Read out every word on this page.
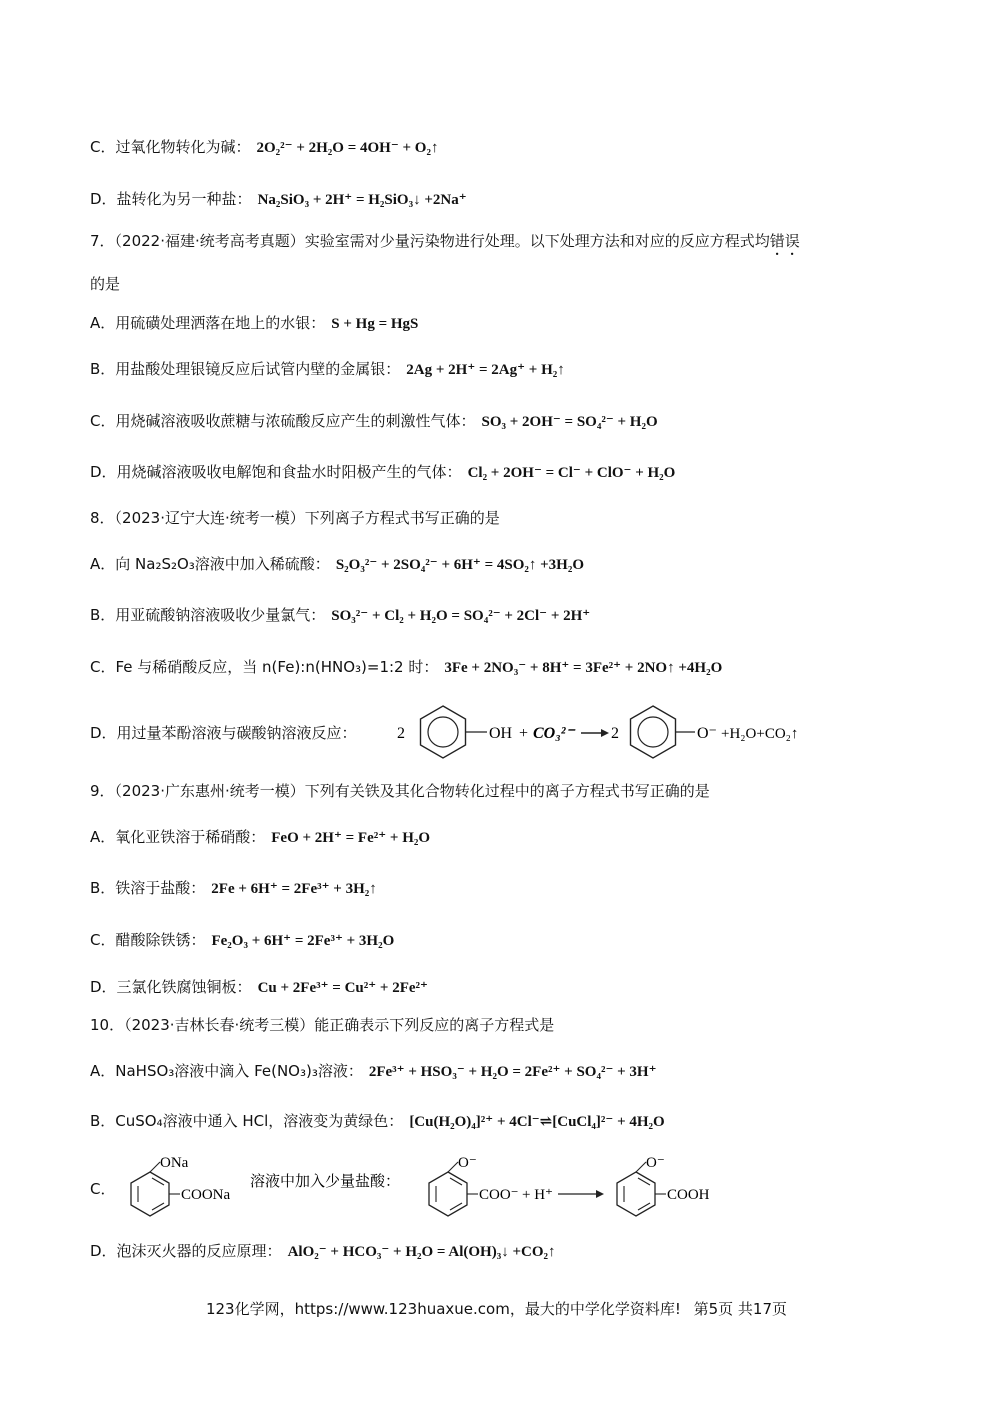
C．过氧化物转化为碱： 2O₂²⁻ + 2H₂O = 4OH⁻ + O₂↑
D．盐转化为另一种盐： Na₂SiO₃ + 2H⁺ = H₂SiO₃↓ +2Na⁺
7．（2022·福建·统考高考真题）实验室需对少量污染物进行处理。以下处理方法和对应的反应方程式均错误
的是
A．用硫磺处理洒落在地上的水银： S + Hg = HgS
B．用盐酸处理银镜反应后试管内壁的金属银： 2Ag + 2H⁺ = 2Ag⁺ + H₂↑
C．用烧碱溶液吸收蔗糖与浓硫酸反应产生的刺激性气体： SO₃ + 2OH⁻ = SO₄²⁻ + H₂O
D．用烧碱溶液吸收电解饱和食盐水时阳极产生的气体： Cl₂ + 2OH⁻ = Cl⁻ + ClO⁻ + H₂O
8．（2023·辽宁大连·统考一模）下列离子方程式书写正确的是
A．向 Na₂S₂O₃溶液中加入稀硫酸： S₂O₃²⁻ + 2SO₄²⁻ + 6H⁺ = 4SO₂↑ +3H₂O
B．用亚硫酸钠溶液吸收少量氯气： SO₃²⁻ + Cl₂ + H₂O = SO₄²⁻ + 2Cl⁻ + 2H⁺
C．Fe 与稀硝酸反应，当 n(Fe):n(HNO₃)=1:2 时： 3Fe + 2NO₃⁻ + 8H⁺ = 3Fe²⁺ + 2NO↑ +4H₂O
D．用过量苯酚溶液与碳酸钠溶液反应：	2	OH + CO₃²⁻ 2	O⁻ +H₂O+CO₂↑
9．（2023·广东惠州·统考一模）下列有关铁及其化合物转化过程中的离子方程式书写正确的是
A．氧化亚铁溶于稀硝酸： FeO + 2H⁺ = Fe²⁺ + H₂O
B．铁溶于盐酸： 2Fe + 6H⁺ = 2Fe³⁺ + 3H₂↑
C．醋酸除铁锈： Fe₂O₃ + 6H⁺ = 2Fe³⁺ + 3H₂O
D．三氯化铁腐蚀铜板： Cu + 2Fe³⁺ = Cu²⁺ + 2Fe²⁺
10．（2023·吉林长春·统考三模）能正确表示下列反应的离子方程式是
A．NaHSO₃溶液中滴入 Fe(NO₃)₃溶液： 2Fe³⁺ + HSO₃⁻ + H₂O = 2Fe²⁺ + SO₄²⁻ + 3H⁺
B．CuSO₄溶液中通入 HCl，溶液变为黄绿色： [Cu(H₂O)₄]²⁺ + 4Cl⁻⇌[CuCl₄]²⁻ + 4H₂O
C．
ONa
COONa
溶液中加入少量盐酸：
O⁻
COO⁻ + H⁺
O⁻
COOH
D．泡沫灭火器的反应原理： AlO₂⁻ + HCO₃⁻ + H₂O = Al(OH)₃↓ +CO₂↑
123化学网，https://www.123huaxue.com，最大的中学化学资料库! 第5页 共17页
